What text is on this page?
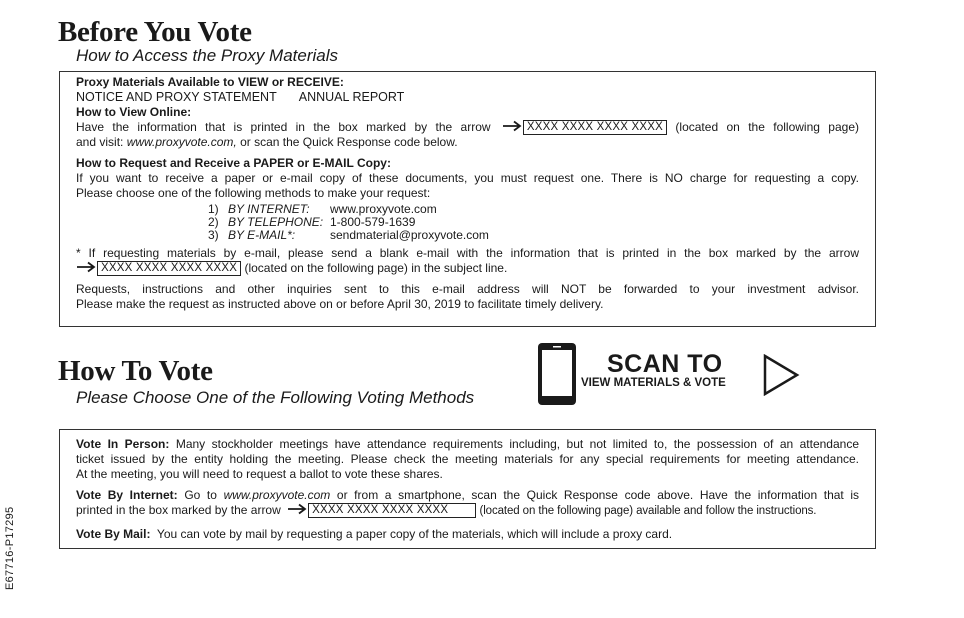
Before You Vote
How to Access the Proxy Materials
Proxy Materials Available to VIEW or RECEIVE:
NOTICE AND PROXY STATEMENT ANNUAL REPORT
How to View Online:
Have the information that is printed in the box marked by the arrow	XXXX XXXX XXXX XXXX (located on the following page)
and visit: www.proxyvote.com, or scan the Quick Response code below.
How to Request and Receive a PAPER or E-MAIL Copy:
If you want to receive a paper or e-mail copy of these documents, you must request one. There is NO charge for requesting a copy.
Please choose one of the following methods to make your request:
1) BY INTERNET:	www.proxyvote.com
2) BY TELEPHONE: 1-800-579-1639
3) BY E-MAIL*:	sendmaterial@proxyvote.com
* If requesting materials by e-mail, please send a blank e-mail with the information that is printed in the box marked by the arrow
XXXX XXXX XXXX XXXX (located on the following page) in the subject line.
Requests, instructions and other inquiries sent to this e-mail address will NOT be forwarded to your investment advisor.
Please make the request as instructed above on or before April 30, 2019 to facilitate timely delivery.
How To Vote
Please Choose One of the Following Voting Methods
SCAN TO
VIEW MATERIALS & VOTE
Vote In Person: Many stockholder meetings have attendance requirements including, but not limited to, the possession of an attendance
ticket issued by the entity holding the meeting. Please check the meeting materials for any special requirements for meeting attendance.
At the meeting, you will need to request a ballot to vote these shares.
Vote By Internet: Go to www.proxyvote.com or from a smartphone, scan the Quick Response code above. Have the information that is
printed in the box marked by the arrow	XXXX XXXX XXXX XXXX	(located on the following page) available and follow the instructions.
Vote By Mail: You can vote by mail by requesting a paper copy of the materials, which will include a proxy card.
E67716-P17295
